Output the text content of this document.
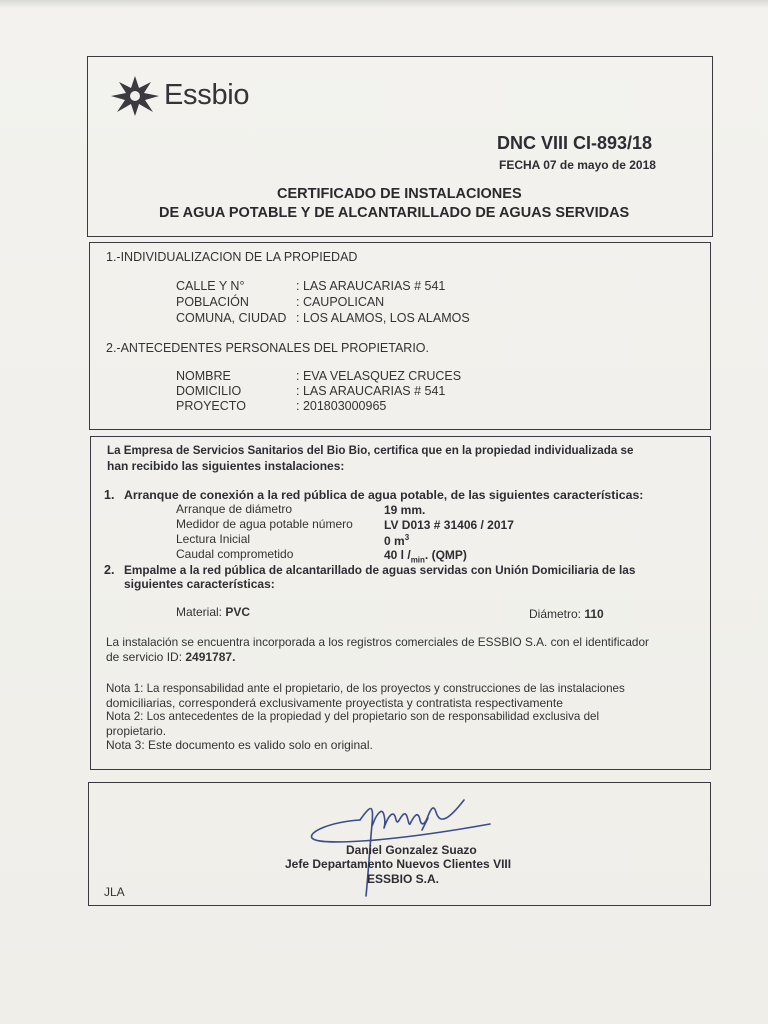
Essbio
DNC VIII CI-893/18
FECHA 07 de mayo de 2018
CERTIFICADO DE INSTALACIONES
DE AGUA POTABLE Y DE ALCANTARILLADO DE AGUAS SERVIDAS
1.-INDIVIDUALIZACION DE LA PROPIEDAD
CALLE Y N°	: LAS ARAUCARIAS # 541
POBLACIÓN	: CAUPOLICAN
COMUNA, CIUDAD : LOS ALAMOS, LOS ALAMOS
2.-ANTECEDENTES PERSONALES DEL PROPIETARIO.
NOMBRE	: EVA VELASQUEZ CRUCES
DOMICILIO	: LAS ARAUCARIAS # 541
PROYECTO	: 201803000965
La Empresa de Servicios Sanitarios del Bio Bio, certifica que en la propiedad individualizada se
han recibido las siguientes instalaciones:
1. Arranque de conexión a la red pública de agua potable, de las siguientes características:
Arranque de diámetro	19 mm.
Medidor de agua potable número	LV D013 # 31406 / 2017
Lectura Inicial	0 $m^3$
Caudal comprometido	40 l $/_{min}$. (QMP)
2. Empalme a la red pública de alcantarillado de aguas servidas con Unión Domiciliaria de las
siguientes características:
Material: PVC	Diámetro: 110
La instalación se encuentra incorporada a los registros comerciales de ESSBIO S.A. con el identificador
de servicio ID: 2491787.
Nota 1: La responsabilidad ante el propietario, de los proyectos y construcciones de las instalaciones
domiciliarias, corresponderá exclusivamente proyectista y contratista respectivamente
Nota 2: Los antecedentes de la propiedad y del propietario son de responsabilidad exclusiva del
propietario.
Nota 3: Este documento es valido solo en original.
Daniel Gonzalez Suazo
Jefe Departamento Nuevos Clientes VIII
ESSBIO S.A.
JLA
